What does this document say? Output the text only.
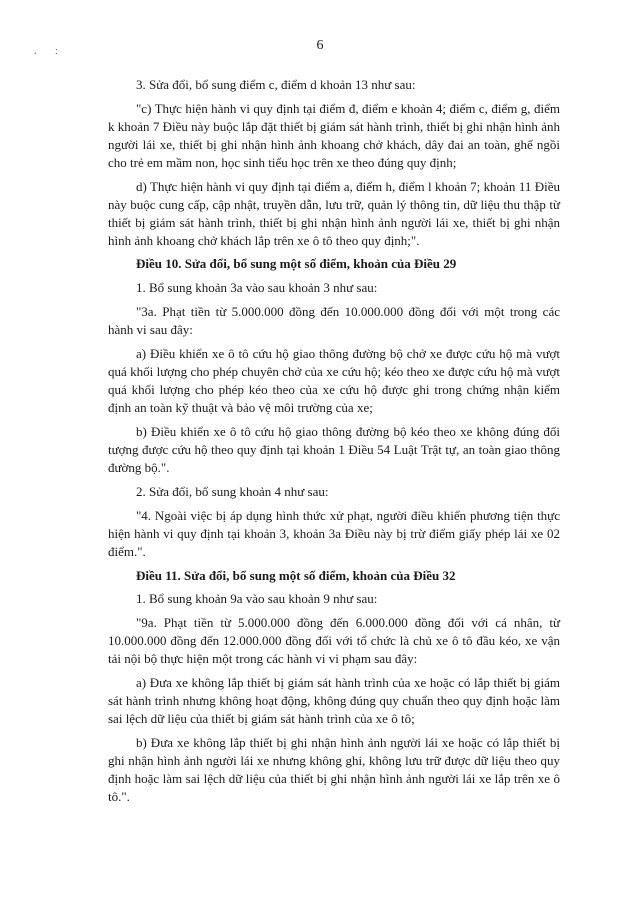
. :	6

3. Sửa đổi, bổ sung điểm c, điểm d khoản 13 như sau:

"c) Thực hiện hành vi quy định tại điểm đ, điểm e khoản 4; điểm c, điểm g, điểm k khoản 7 Điều này buộc lắp đặt thiết bị giám sát hành trình, thiết bị ghi nhận hình ảnh người lái xe, thiết bị ghi nhận hình ảnh khoang chở khách, dây đai an toàn, ghế ngồi cho trẻ em mầm non, học sinh tiểu học trên xe theo đúng quy định;

d) Thực hiện hành vi quy định tại điểm a, điểm h, điểm l khoản 7; khoản 11 Điều này buộc cung cấp, cập nhật, truyền dẫn, lưu trữ, quản lý thông tin, dữ liệu thu thập từ thiết bị giám sát hành trình, thiết bị ghi nhận hình ảnh người lái xe, thiết bị ghi nhận hình ảnh khoang chở khách lắp trên xe ô tô theo quy định;".

Điều 10. Sửa đổi, bổ sung một số điểm, khoản của Điều 29

1. Bổ sung khoản 3a vào sau khoản 3 như sau:

"3a. Phạt tiền từ 5.000.000 đồng đến 10.000.000 đồng đối với một trong các hành vi sau đây:

a) Điều khiển xe ô tô cứu hộ giao thông đường bộ chở xe được cứu hộ mà vượt quá khối lượng cho phép chuyên chở của xe cứu hộ; kéo theo xe được cứu hộ mà vượt quá khối lượng cho phép kéo theo của xe cứu hộ được ghi trong chứng nhận kiểm định an toàn kỹ thuật và bảo vệ môi trường của xe;

b) Điều khiển xe ô tô cứu hộ giao thông đường bộ kéo theo xe không đúng đối tượng được cứu hộ theo quy định tại khoản 1 Điều 54 Luật Trật tự, an toàn giao thông đường bộ.".

2. Sửa đổi, bổ sung khoản 4 như sau:

"4. Ngoài việc bị áp dụng hình thức xử phạt, người điều khiển phương tiện thực hiện hành vi quy định tại khoản 3, khoản 3a Điều này bị trừ điểm giấy phép lái xe 02 điểm.".

Điều 11. Sửa đổi, bổ sung một số điểm, khoản của Điều 32

1. Bổ sung khoản 9a vào sau khoản 9 như sau:

"9a. Phạt tiền từ 5.000.000 đồng đến 6.000.000 đồng đối với cá nhân, từ 10.000.000 đồng đến 12.000.000 đồng đối với tổ chức là chủ xe ô tô đầu kéo, xe vận tải nội bộ thực hiện một trong các hành vi vi phạm sau đây:

a) Đưa xe không lắp thiết bị giám sát hành trình của xe hoặc có lắp thiết bị giám sát hành trình nhưng không hoạt động, không đúng quy chuẩn theo quy định hoặc làm sai lệch dữ liệu của thiết bị giám sát hành trình của xe ô tô;

b) Đưa xe không lắp thiết bị ghi nhận hình ảnh người lái xe hoặc có lắp thiết bị ghi nhận hình ảnh người lái xe nhưng không ghi, không lưu trữ được dữ liệu theo quy định hoặc làm sai lệch dữ liệu của thiết bị ghi nhận hình ảnh người lái xe lắp trên xe ô tô.".
